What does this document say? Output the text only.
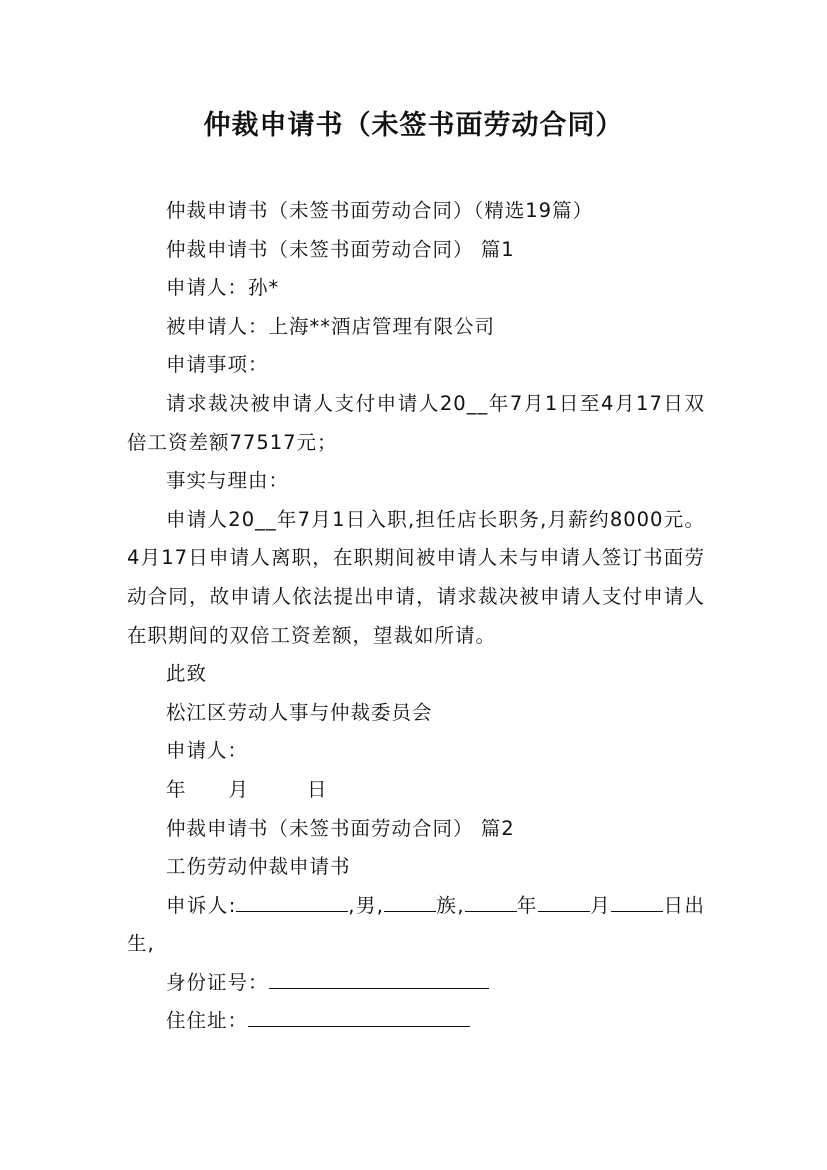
仲裁申请书（未签书面劳动合同）

仲裁申请书（未签书面劳动合同）（精选19篇）

仲裁申请书（未签书面劳动合同） 篇1

申请人：孙*

被申请人：上海**酒店管理有限公司

申请事项：

请求裁决被申请人支付申请人20__年7月1日至4月17日双倍工资差额77517元；

事实与理由：

申请人20__年7月1日入职,担任店长职务,月薪约8000元。4月17日申请人离职，在职期间被申请人未与申请人签订书面劳动合同，故申请人依法提出申请，请求裁决被申请人支付申请人在职期间的双倍工资差额，望裁如所请。

此致

松江区劳动人事与仲裁委员会

申请人：

年 月	日

仲裁申请书（未签书面劳动合同） 篇2

工伤劳动仲裁申请书

申诉人:	,男,	族,	年	月	日出生,

身份证号：

住住址：
